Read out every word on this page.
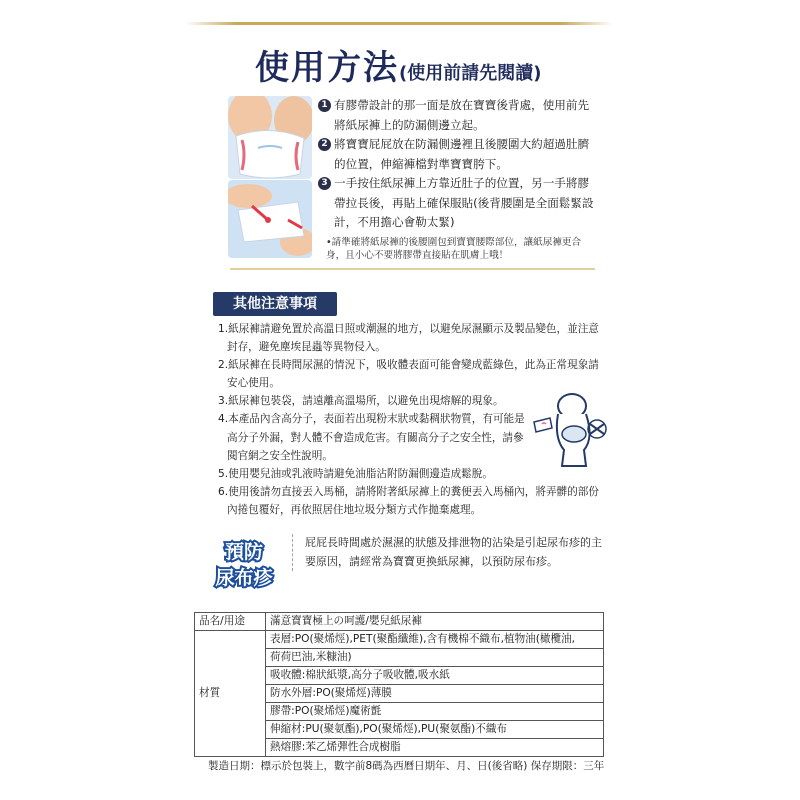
使用方法(使用前請先閱讀)
1 有膠帶設計的那一面是放在寶寶後背處，使用前先將紙尿褲上的防漏側邊立起。
2 將寶寶屁屁放在防漏側邊裡且後腰圍大約超過肚臍的位置，伸縮褲檔對準寶寶胯下。
3 一手按住紙尿褲上方靠近肚子的位置，另一手將膠帶拉長後，再貼上確保服貼(後背腰圍是全面鬆緊設計，不用擔心會勒太緊)
•請準確將紙尿褲的後腰圍包到寶寶腰際部位，讓紙尿褲更合身，且小心不要將膠帶直接貼在肌膚上哦！
其他注意事項
1.紙尿褲請避免置於高溫日照或潮濕的地方，以避免尿濕顯示及製品變色，並注意封存，避免塵埃昆蟲等異物侵入。
2.紙尿褲在長時間尿濕的情況下，吸收體表面可能會變成藍綠色，此為正常現象請安心使用。
3.紙尿褲包裝袋，請遠離高溫場所，以避免出現熔解的現象。
4.本產品內含高分子，表面若出現粉末狀或黏稠狀物質，有可能是高分子外漏，對人體不會造成危害。有關高分子之安全性，請參閱官網之安全性說明。
5.使用嬰兒油或乳液時請避免油脂沾附防漏側邊造成鬆脫。
6.使用後請勿直接丟入馬桶，請將附著紙尿褲上的糞便丟入馬桶內，將弄髒的部份內捲包覆好，再依照居住地垃圾分類方式作拋棄處理。
預防
尿布疹
屁屁長時間處於濕濕的狀態及排泄物的沾染是引起尿布疹的主要原因，請經常為寶寶更換紙尿褲，以預防尿布疹。
品名/用途	滿意寶寶極上の呵護/嬰兒紙尿褲
材質	表層:PO(聚烯烴),PET(聚酯纖維),含有機棉不織布,植物油(橄欖油,
	荷荷巴油,米糠油)
	吸收體:棉狀紙漿,高分子吸收體,吸水紙
	防水外層:PO(聚烯烴)薄膜
	膠帶:PO(聚烯烴)魔術氈
	伸縮材:PU(聚氨酯),PO(聚烯烴),PU(聚氨酯)不織布
	熱熔膠:苯乙烯彈性合成樹脂
製造日期：標示於包裝上，數字前8碼為西曆日期年、月、日(後省略) 保存期限：三年
